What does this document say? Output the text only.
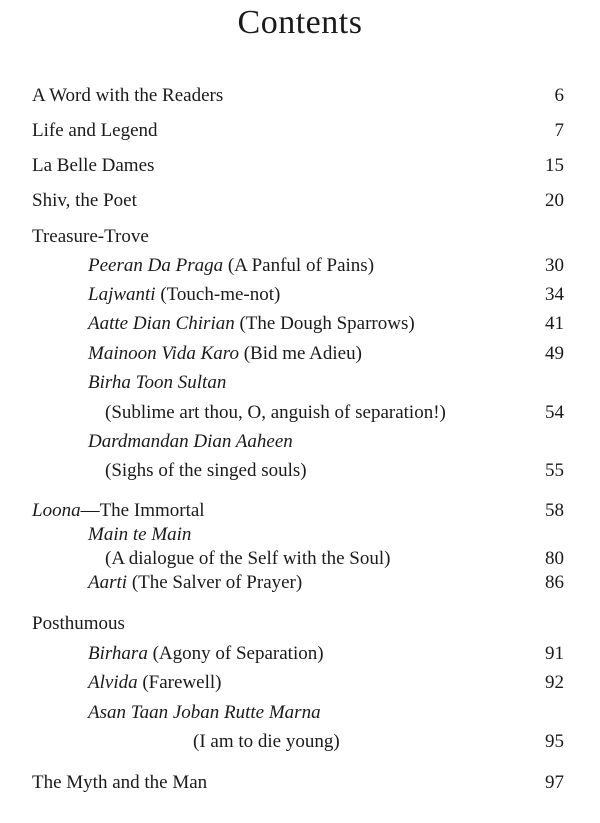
Contents
A Word with the Readers	6
Life and Legend	7
La Belle Dames	15
Shiv, the Poet	20
Treasure-Trove
Peeran Da Praga (A Panful of Pains)	30
Lajwanti (Touch-me-not)	34
Aatte Dian Chirian (The Dough Sparrows)	41
Mainoon Vida Karo (Bid me Adieu)	49
Birha Toon Sultan
(Sublime art thou, O, anguish of separation!)	54
Dardmandan Dian Aaheen
(Sighs of the singed souls)	55
Loona—The Immortal	58
Main te Main
(A dialogue of the Self with the Soul)	80
Aarti (The Salver of Prayer)	86
Posthumous
Birhara (Agony of Separation)	91
Alvida (Farewell)	92
Asan Taan Joban Rutte Marna
(I am to die young)	95
The Myth and the Man	97
